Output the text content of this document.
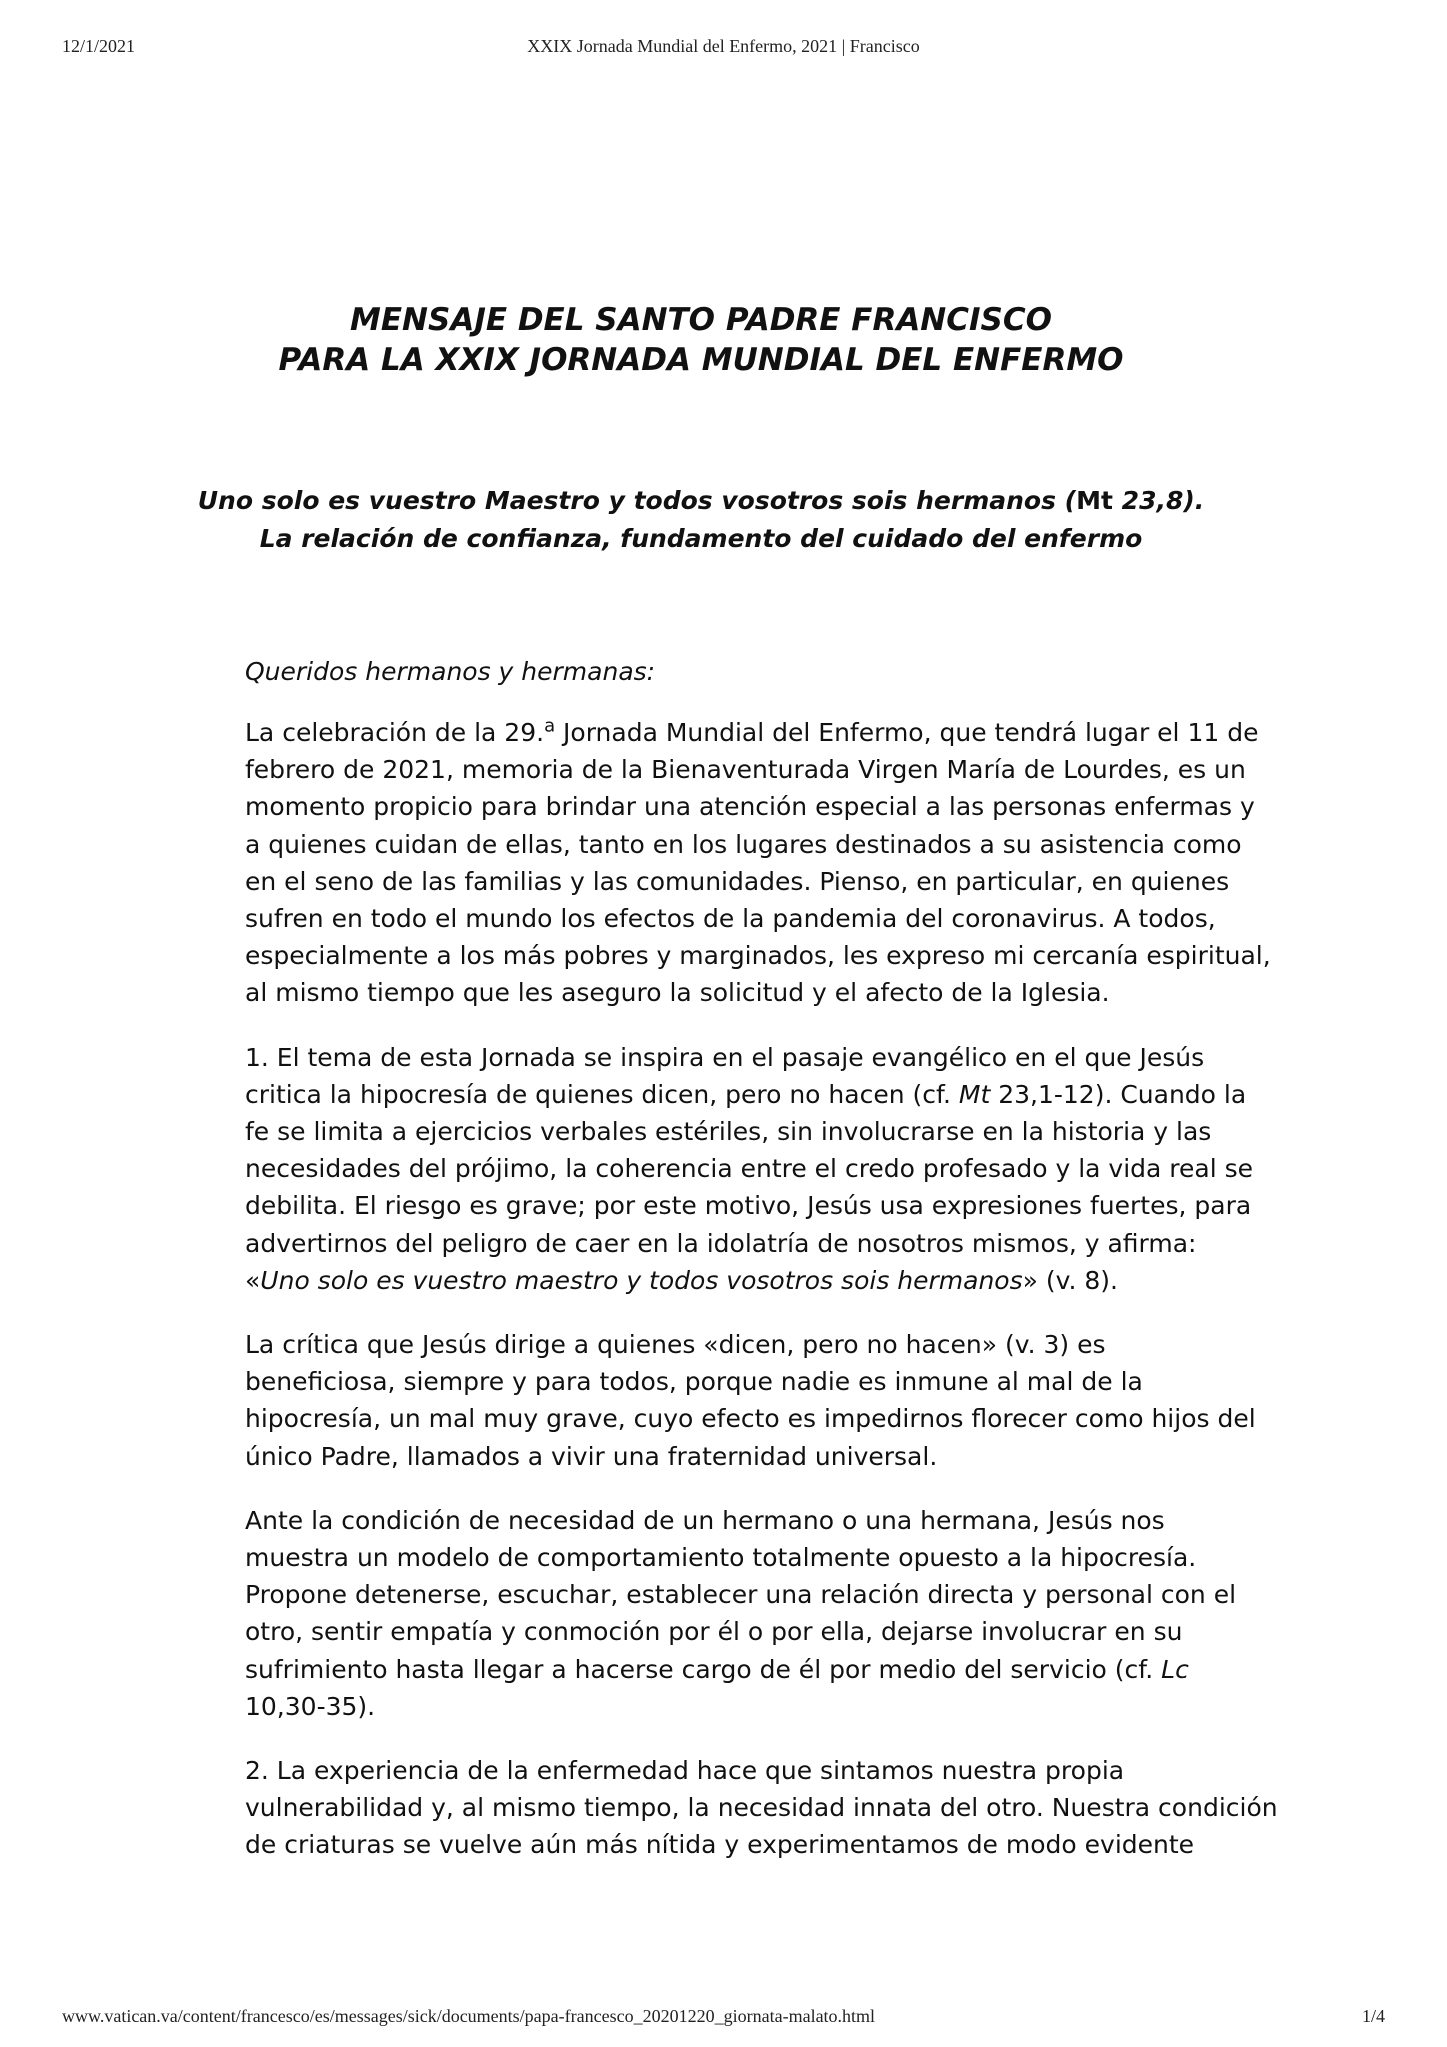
12/1/2021	XXIX Jornada Mundial del Enfermo, 2021 | Francisco
MENSAJE DEL SANTO PADRE FRANCISCO
PARA LA XXIX JORNADA MUNDIAL DEL ENFERMO
Uno solo es vuestro Maestro y todos vosotros sois hermanos (Mt 23,8).
La relación de confianza, fundamento del cuidado del enfermo

Queridos hermanos y hermanas:

La celebración de la 29.$^a$ Jornada Mundial del Enfermo, que tendrá lugar el 11 de
febrero de 2021, memoria de la Bienaventurada Virgen María de Lourdes, es un
momento propicio para brindar una atención especial a las personas enfermas y
a quienes cuidan de ellas, tanto en los lugares destinados a su asistencia como
en el seno de las familias y las comunidades. Pienso, en particular, en quienes
sufren en todo el mundo los efectos de la pandemia del coronavirus. A todos,
especialmente a los más pobres y marginados, les expreso mi cercanía espiritual,
al mismo tiempo que les aseguro la solicitud y el afecto de la Iglesia.

1. El tema de esta Jornada se inspira en el pasaje evangélico en el que Jesús
critica la hipocresía de quienes dicen, pero no hacen (cf. Mt 23,1-12). Cuando la
fe se limita a ejercicios verbales estériles, sin involucrarse en la historia y las
necesidades del prójimo, la coherencia entre el credo profesado y la vida real se
debilita. El riesgo es grave; por este motivo, Jesús usa expresiones fuertes, para
advertirnos del peligro de caer en la idolatría de nosotros mismos, y afirma:
«Uno solo es vuestro maestro y todos vosotros sois hermanos» (v. 8).

La crítica que Jesús dirige a quienes «dicen, pero no hacen» (v. 3) es
beneficiosa, siempre y para todos, porque nadie es inmune al mal de la
hipocresía, un mal muy grave, cuyo efecto es impedirnos florecer como hijos del
único Padre, llamados a vivir una fraternidad universal.

Ante la condición de necesidad de un hermano o una hermana, Jesús nos
muestra un modelo de comportamiento totalmente opuesto a la hipocresía.
Propone detenerse, escuchar, establecer una relación directa y personal con el
otro, sentir empatía y conmoción por él o por ella, dejarse involucrar en su
sufrimiento hasta llegar a hacerse cargo de él por medio del servicio (cf. Lc
10,30-35).

2. La experiencia de la enfermedad hace que sintamos nuestra propia
vulnerabilidad y, al mismo tiempo, la necesidad innata del otro. Nuestra condición
de criaturas se vuelve aún más nítida y experimentamos de modo evidente

www.vatican.va/content/francesco/es/messages/sick/documents/papa-francesco_20201220_giornata-malato.html	1/4
